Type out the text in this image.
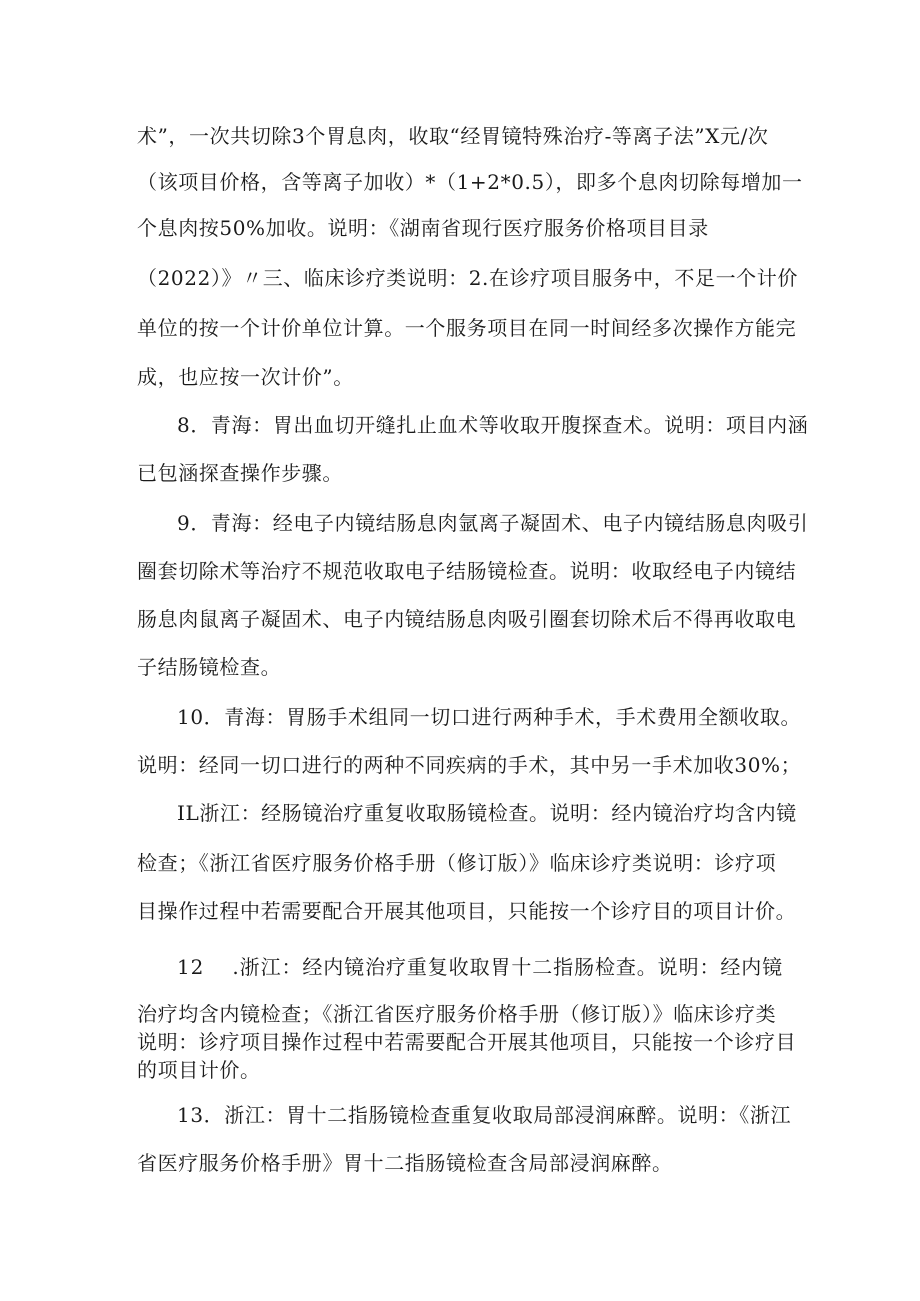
术”，一次共切除3个胃息肉，收取“经胃镜特殊治疗-等离子法”X元/次
（该项目价格，含等离子加收）*（1+2*0.5），即多个息肉切除每增加一
个息肉按50%加收。说明：《湖南省现行医疗服务价格项目目录
（2022）》〃三、临床诊疗类说明：2.在诊疗项目服务中，不足一个计价
单位的按一个计价单位计算。一个服务项目在同一时间经多次操作方能完
成，也应按一次计价”。
8．青海：胃出血切开缝扎止血术等收取开腹探查术。说明：项目内涵
已包涵探查操作步骤。
9．青海：经电子内镜结肠息肉氩离子凝固术、电子内镜结肠息肉吸引
圈套切除术等治疗不规范收取电子结肠镜检查。说明：收取经电子内镜结
肠息肉鼠离子凝固术、电子内镜结肠息肉吸引圈套切除术后不得再收取电
子结肠镜检查。
10．青海：胃肠手术组同一切口进行两种手术，手术费用全额收取。
说明：经同一切口进行的两种不同疾病的手术，其中另一手术加收30%；
IL浙江：经肠镜治疗重复收取肠镜检查。说明：经内镜治疗均含内镜
检查；《浙江省医疗服务价格手册（修订版）》临床诊疗类说明：诊疗项
目操作过程中若需要配合开展其他项目，只能按一个诊疗目的项目计价。
12　 .浙江：经内镜治疗重复收取胃十二指肠检查。说明：经内镜
治疗均含内镜检查；《浙江省医疗服务价格手册（修订版）》临床诊疗类
说明：诊疗项目操作过程中若需要配合开展其他项目，只能按一个诊疗目
的项目计价。
13．浙江：胃十二指肠镜检查重复收取局部浸润麻醉。说明：《浙江
省医疗服务价格手册》胃十二指肠镜检查含局部浸润麻醉。
